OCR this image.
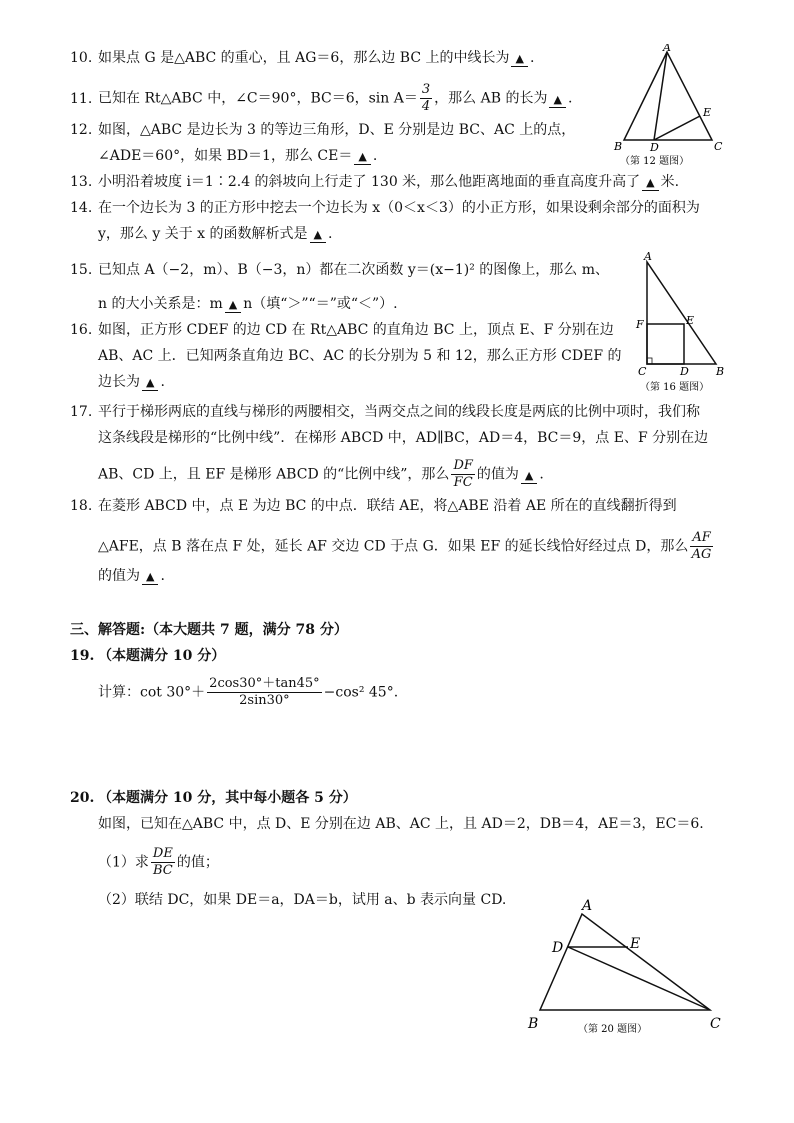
10. 如果点 G 是△ABC 的重心，且 AG＝6，那么边 BC 上的中线长为 ▲ .
11. 已知在 Rt△ABC 中，∠C＝90°，BC＝6，$\sin A= \frac{3}{4}$ ，那么 AB 的长为 ▲ .
12. 如图，△ABC 是边长为 3 的等边三角形，D、E 分别是边 BC、AC 上的点，
∠ADE＝60°，如果 BD＝1，那么 CE＝ ▲ .
13. 小明沿着坡度 i＝1∶2.4 的斜坡向上行走了 130 米，那么他距离地面的垂直高度升高了 ▲ 米.
14. 在一个边长为 3 的正方形中挖去一个边长为 x（0＜x＜3）的小正方形，如果设剩余部分的面积为
y，那么 y 关于 x 的函数解析式是 ▲ .
15. 已知点 A（−2，m）、B（−3，n）都在二次函数 y＝(x−1)² 的图像上，那么 m、
n 的大小关系是：m ▲ n（填“＞”“＝”或“＜”）.
16. 如图，正方形 CDEF 的边 CD 在 Rt△ABC 的直角边 BC 上，顶点 E、F 分别在边
AB、AC 上．已知两条直角边 BC、AC 的长分别为 5 和 12，那么正方形 CDEF 的
边长为 ▲ .
17. 平行于梯形两底的直线与梯形的两腰相交，当两交点之间的线段长度是两底的比例中项时，我们称
这条线段是梯形的“比例中线”．在梯形 ABCD 中，AD∥BC，AD＝4，BC＝9，点 E、F 分别在边
AB、CD 上，且 EF 是梯形 ABCD 的“比例中线”，那么 $\frac{DF}{FC}$ 的值为 ▲ .
18. 在菱形 ABCD 中，点 E 为边 BC 的中点．联结 AE，将△ABE 沿着 AE 所在的直线翻折得到
△AFE，点 B 落在点 F 处，延长 AF 交边 CD 于点 G．如果 EF 的延长线恰好经过点 D，那么 $\frac{AF}{AG}$
的值为 ▲ .
三、解答题:（本大题共 7 题，满分 78 分）
19. （本题满分 10 分）
计算：$\cot 30^\circ+ \frac{2\cos 30^\circ+\tan 45^\circ}{2\sin 30^\circ} -\cos^2$ 45°.
20. （本题满分 10 分，其中每小题各 5 分）
如图，已知在△ABC 中，点 D、E 分别在边 AB、AC 上，且 AD＝2，DB＝4，AE＝3，EC＝6.
（1）求 $\frac{DE}{BC}$ 的值；
（2）联结 DC，如果 DE＝a，DA＝b，试用 a、b 表示向量 CD.
A
B	C
D
E
（第 12 题图）
A
F	E
C	D B
（第 16 题图）
A
D	E
B	C
（第 20 题图）
